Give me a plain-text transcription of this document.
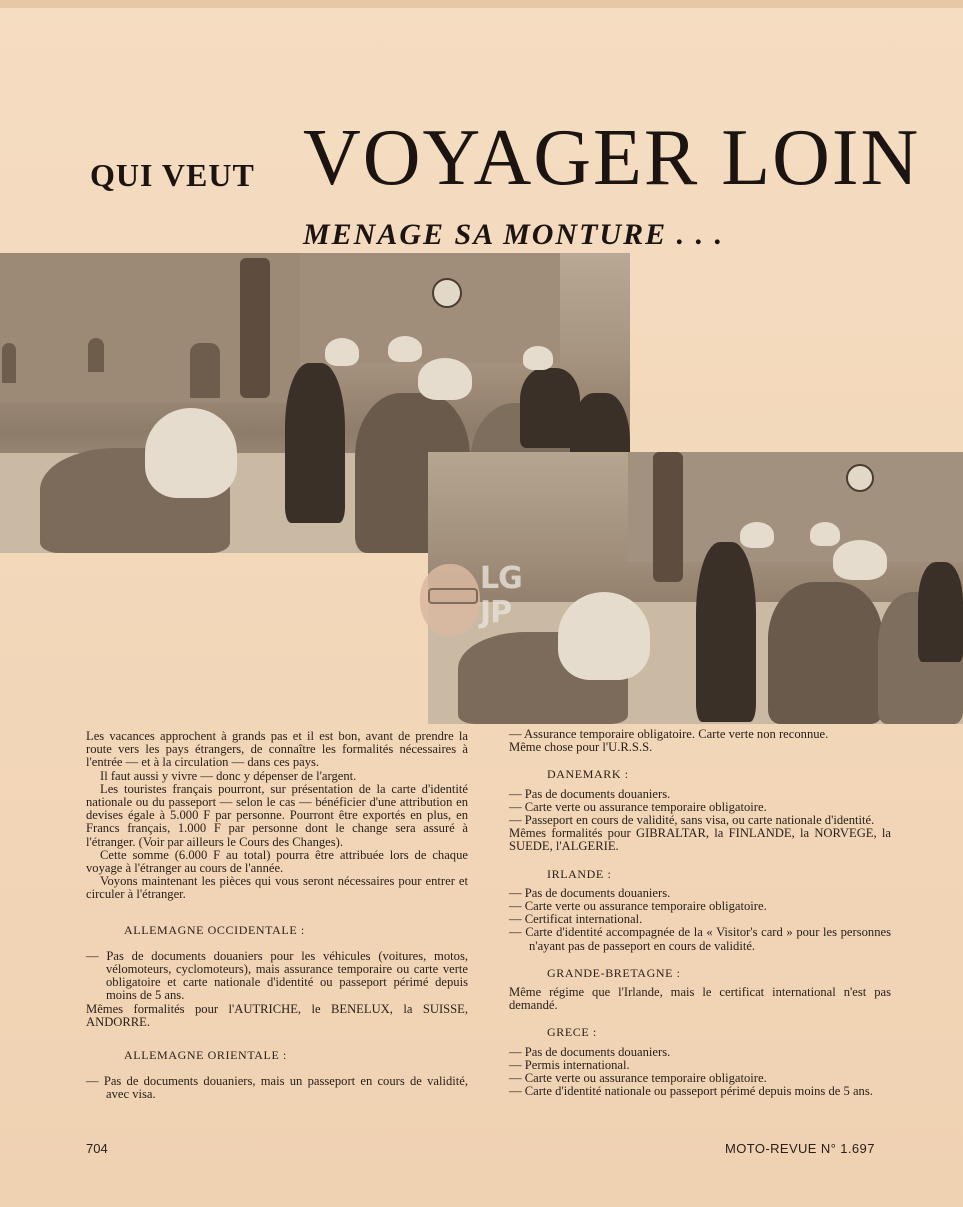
QUI VEUT VOYAGER LOIN
MENAGE SA MONTURE . . .
LG JP

Les vacances approchent à grands pas et il est bon, avant de prendre la route vers les pays étrangers, de connaître les formalités nécessaires à l'entrée — et à la circulation — dans ces pays.

Il faut aussi y vivre — donc y dépenser de l'argent.

Les touristes français pourront, sur présentation de la carte d'identité nationale ou du passeport — selon le cas — bénéficier d'une attribution en devises égale à 5.000 F par personne. Pourront être exportés en plus, en Francs français, 1.000 F par personne dont le change sera assuré à l'étranger. (Voir par ailleurs le Cours des Changes).

Cette somme (6.000 F au total) pourra être attribuée lors de chaque voyage à l'étranger au cours de l'année.

Voyons maintenant les pièces qui vous seront nécessaires pour entrer et circuler à l'étranger.

ALLEMAGNE OCCIDENTALE :

— Pas de documents douaniers pour les véhicules (voitures, motos, vélomoteurs, cyclomoteurs), mais assurance temporaire ou carte verte obligatoire et carte nationale d'identité ou passeport périmé depuis moins de 5 ans.

Mêmes formalités pour l'AUTRICHE, le BENELUX, la SUISSE, ANDORRE.

ALLEMAGNE ORIENTALE :

— Pas de documents douaniers, mais un passeport en cours de validité, avec visa.

— Assurance temporaire obligatoire. Carte verte non reconnue.

Même chose pour l'U.R.S.S.

DANEMARK :

— Pas de documents douaniers.

— Carte verte ou assurance temporaire obligatoire.

— Passeport en cours de validité, sans visa, ou carte nationale d'identité.

Mêmes formalités pour GIBRALTAR, la FINLANDE, la NORVEGE, la SUEDE, l'ALGERIE.

IRLANDE :

— Pas de documents douaniers.

— Carte verte ou assurance temporaire obligatoire.

— Certificat international.

— Carte d'identité accompagnée de la « Visitor's card » pour les personnes n'ayant pas de passeport en cours de validité.

GRANDE-BRETAGNE :

Même régime que l'Irlande, mais le certificat international n'est pas demandé.

GRECE :

— Pas de documents douaniers.

— Permis international.

— Carte verte ou assurance temporaire obligatoire.

— Carte d'identité nationale ou passeport périmé depuis moins de 5 ans.

704	MOTO-REVUE N° 1.697
